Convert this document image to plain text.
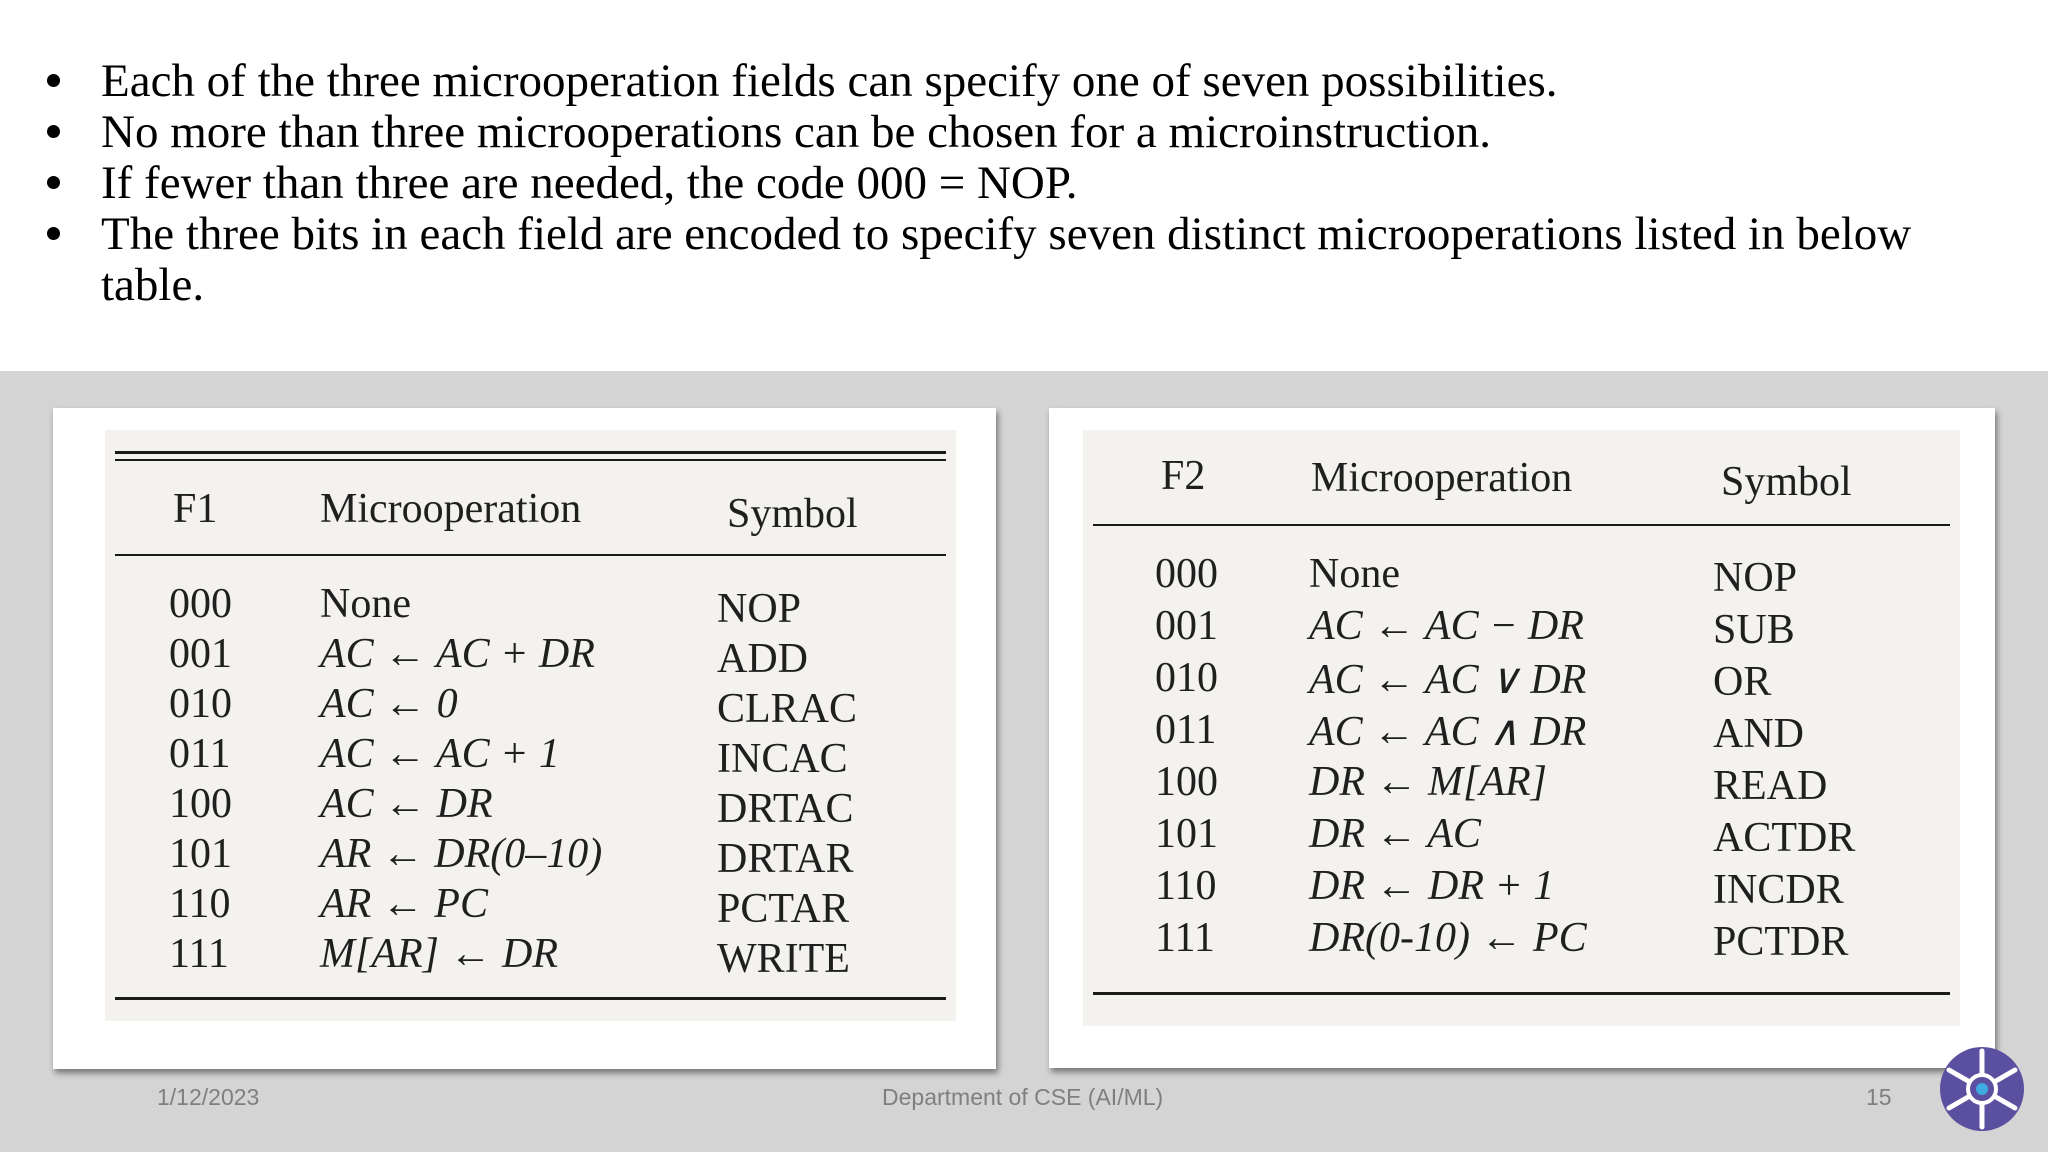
Each of the three microoperation fields can specify one of seven possibilities.
No more than three microoperations can be chosen for a microinstruction.
If fewer than three are needed, the code 000 = NOP.
The three bits in each field are encoded to specify seven distinct microoperations listed in below table.
F1 Microoperation	Symbol
000 None	NOP
001 AC ← AC + DR	ADD
010 AC ← 0	CLRAC
011 AC ← AC + 1	INCAC
100 AC ← DR	DRTAC
101 AR ← DR(0–10)	DRTAR
110 AR ← PC	PCTAR
111 M[AR] ← DR	WRITE
F2	Microoperation	Symbol
000 None	NOP
001 AC ← AC − DR	SUB
010 AC ← AC ∨ DR	OR
011 AC ← AC ∧ DR	AND
100 DR ← M[AR]	READ
101 DR ← AC	ACTDR
110 DR ← DR + 1	INCDR
111 DR(0-10) ← PC	PCTDR
1/12/2023	Department of CSE (AI/ML)	15
